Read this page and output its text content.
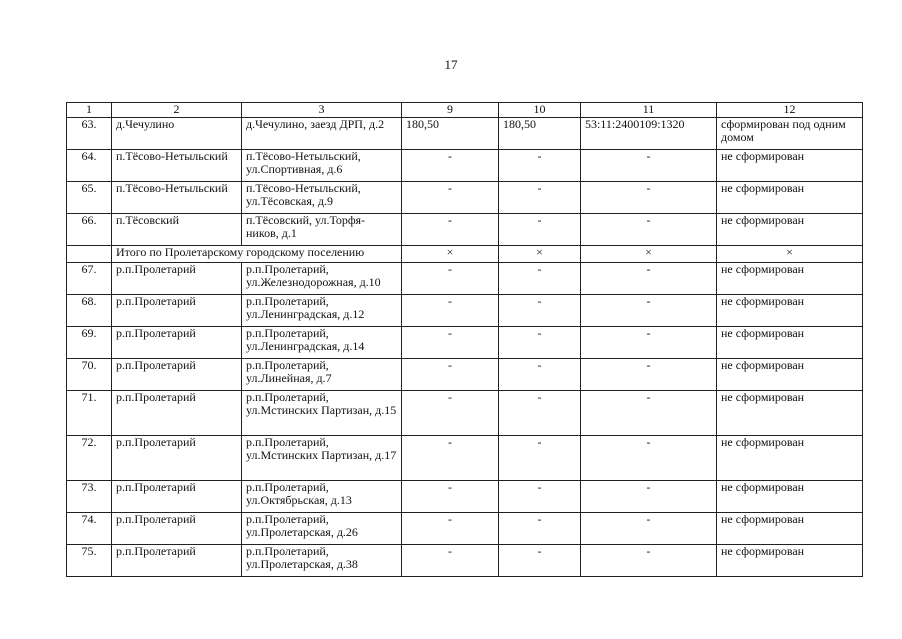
17
1	2	3	9	10	11	12
63.	д.Чечулино	д.Чечулино, заезд ДРП, д.2	180,50	180,50	53:11:2400109:1320	сформирован под одним домом
64.	п.Тёсово-Нетыльский	п.Тёсово-Нетыльский, ул.Спортивная, д.6	-	-	-	не сформирован
65.	п.Тёсово-Нетыльский	п.Тёсово-Нетыльский, ул.Тёсовская, д.9	-	-	-	не сформирован
66.	п.Тёсовский	п.Тёсовский, ул.Торфя-ников, д.1	-	-	-	не сформирован
	Итого по Пролетарскому городскому поселению		×	×	×	×
67.	р.п.Пролетарий	р.п.Пролетарий, ул.Железнодорожная, д.10	-	-	-	не сформирован
68.	р.п.Пролетарий	р.п.Пролетарий, ул.Ленинградская, д.12	-	-	-	не сформирован
69.	р.п.Пролетарий	р.п.Пролетарий, ул.Ленинградская, д.14	-	-	-	не сформирован
70.	р.п.Пролетарий	р.п.Пролетарий, ул.Линейная, д.7	-	-	-	не сформирован
71.	р.п.Пролетарий	р.п.Пролетарий, ул.Мстинских Партизан, д.15	-	-	-	не сформирован
72.	р.п.Пролетарий	р.п.Пролетарий, ул.Мстинских Партизан, д.17	-	-	-	не сформирован
73.	р.п.Пролетарий	р.п.Пролетарий, ул.Октябрьская, д.13	-	-	-	не сформирован
74.	р.п.Пролетарий	р.п.Пролетарий, ул.Пролетарская, д.26	-	-	-	не сформирован
75.	р.п.Пролетарий	р.п.Пролетарий, ул.Пролетарская, д.38	-	-	-	не сформирован
